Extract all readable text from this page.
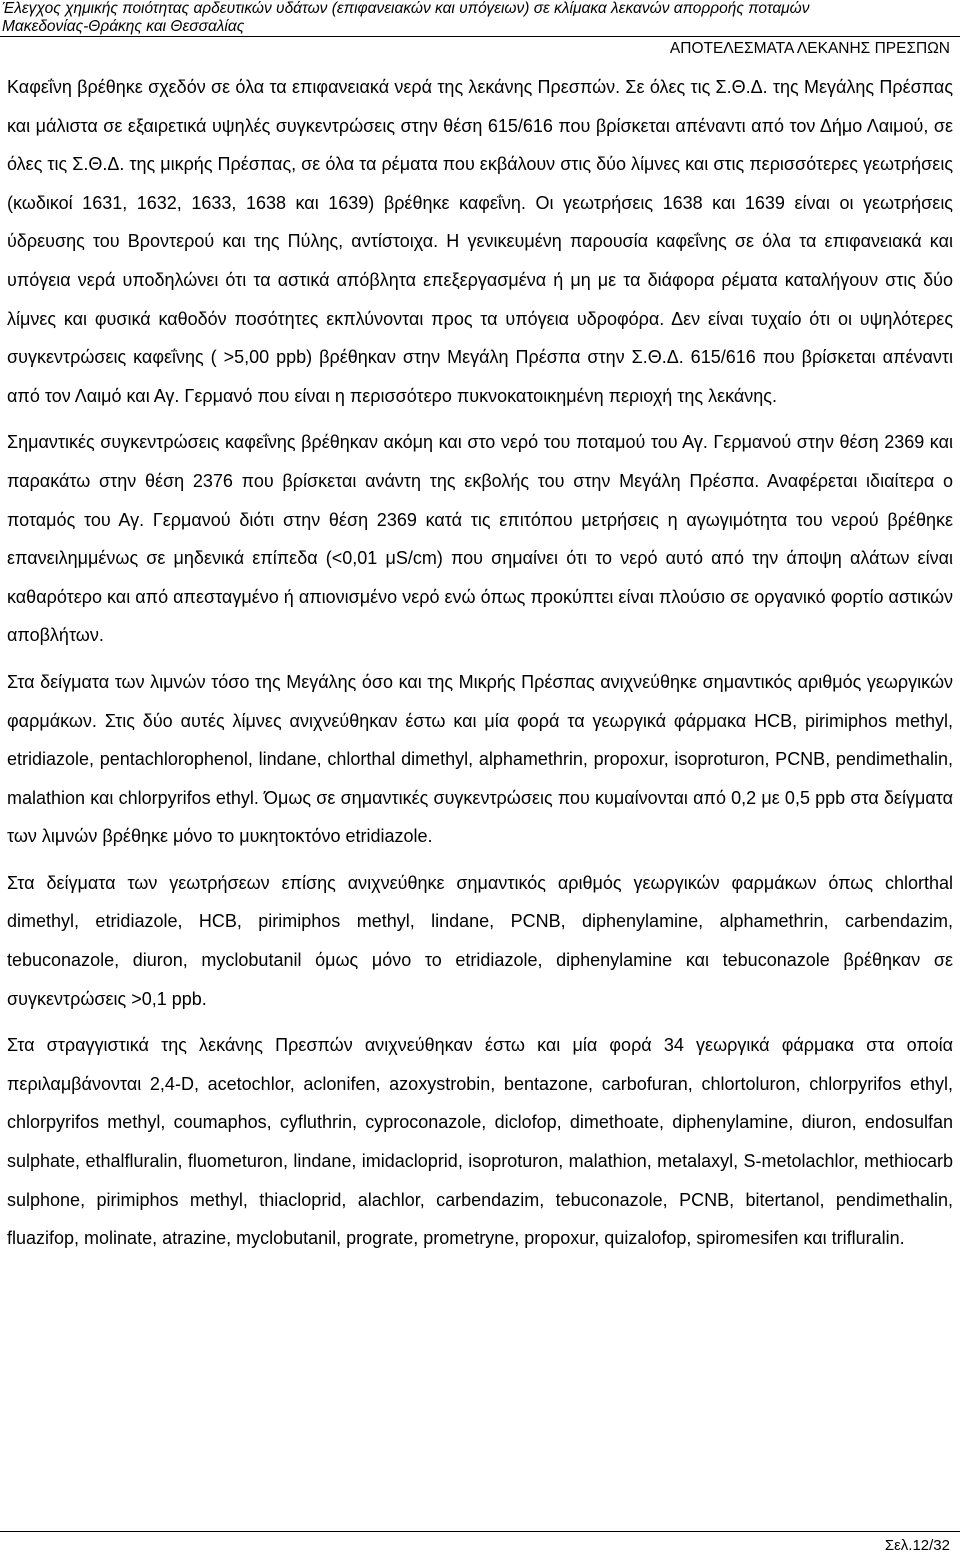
Έλεγχος χημικής ποιότητας αρδευτικών υδάτων (επιφανειακών και υπόγειων) σε κλίμακα λεκανών απορροής ποταμών

Μακεδονίας-Θράκης και Θεσσαλίας

ΑΠΟΤΕΛΕΣΜΑΤΑ ΛΕΚΑΝΗΣ ΠΡΕΣΠΩΝ

Καφεΐνη βρέθηκε σχεδόν σε όλα τα επιφανειακά νερά της λεκάνης Πρεσπών. Σε όλες τις Σ.Θ.Δ. της Μεγάλης Πρέσπας και μάλιστα σε εξαιρετικά υψηλές συγκεντρώσεις στην θέση 615/616 που βρίσκεται απέναντι από τον Δήμο Λαιμού, σε όλες τις Σ.Θ.Δ. της μικρής Πρέσπας, σε όλα τα ρέματα που εκβάλουν στις δύο λίμνες και στις περισσότερες γεωτρήσεις (κωδικοί 1631, 1632, 1633, 1638 και 1639) βρέθηκε καφεΐνη. Οι γεωτρήσεις 1638 και 1639 είναι οι γεωτρήσεις ύδρευσης του Βροντερού και της Πύλης, αντίστοιχα. Η γενικευμένη παρουσία καφεΐνης σε όλα τα επιφανειακά και υπόγεια νερά υποδηλώνει ότι τα αστικά απόβλητα επεξεργασμένα ή μη με τα διάφορα ρέματα καταλήγουν στις δύο λίμνες και φυσικά καθοδόν ποσότητες εκπλύνονται προς τα υπόγεια υδροφόρα. Δεν είναι τυχαίο ότι οι υψηλότερες συγκεντρώσεις καφεΐνης ( >5,00 ppb) βρέθηκαν στην Μεγάλη Πρέσπα στην Σ.Θ.Δ. 615/616 που βρίσκεται απέναντι από τον Λαιμό και Αγ. Γερμανό που είναι η περισσότερο πυκνοκατοικημένη περιοχή της λεκάνης.

Σημαντικές συγκεντρώσεις καφεΐνης βρέθηκαν ακόμη και στο νερό του ποταμού του Αγ. Γερμανού στην θέση 2369 και παρακάτω στην θέση 2376 που βρίσκεται ανάντη της εκβολής του στην Μεγάλη Πρέσπα. Αναφέρεται ιδιαίτερα ο ποταμός του Αγ. Γερμανού διότι στην θέση 2369 κατά τις επιτόπου μετρήσεις η αγωγιμότητα του νερού βρέθηκε επανειλημμένως σε μηδενικά επίπεδα (<0,01 μS/cm) που σημαίνει ότι το νερό αυτό από την άποψη αλάτων είναι καθαρότερο και από απεσταγμένο ή απιονισμένο νερό ενώ όπως προκύπτει είναι πλούσιο σε οργανικό φορτίο αστικών αποβλήτων.

Στα δείγματα των λιμνών τόσο της Μεγάλης όσο και της Μικρής Πρέσπας ανιχνεύθηκε σημαντικός αριθμός γεωργικών φαρμάκων. Στις δύο αυτές λίμνες ανιχνεύθηκαν έστω και μία φορά τα γεωργικά φάρμακα HCB, pirimiphos methyl, etridiazole, pentachlorophenol, lindane, chlorthal dimethyl, alphamethrin, propoxur, isoproturon, PCNB, pendimethalin, malathion και chlorpyrifos ethyl. Όμως σε σημαντικές συγκεντρώσεις που κυμαίνονται από 0,2 με 0,5 ppb στα δείγματα των λιμνών βρέθηκε μόνο το μυκητοκτόνο etridiazole.

Στα δείγματα των γεωτρήσεων επίσης ανιχνεύθηκε σημαντικός αριθμός γεωργικών φαρμάκων όπως chlorthal dimethyl, etridiazole, HCB, pirimiphos methyl, lindane, PCNB, diphenylamine, alphamethrin, carbendazim, tebuconazole, diuron, myclobutanil όμως μόνο το etridiazole, diphenylamine και tebuconazole βρέθηκαν σε συγκεντρώσεις >0,1 ppb.

Στα στραγγιστικά της λεκάνης Πρεσπών ανιχνεύθηκαν έστω και μία φορά 34 γεωργικά φάρμακα στα οποία περιλαμβάνονται 2,4-D, acetochlor, aclonifen, azoxystrobin, bentazone, carbofuran, chlortoluron, chlorpyrifos ethyl, chlorpyrifos methyl, coumaphos, cyfluthrin, cyproconazole, diclofop, dimethoate, diphenylamine, diuron, endosulfan sulphate, ethalfluralin, fluometuron, lindane, imidacloprid, isoproturon, malathion, metalaxyl, S-metolachlor, methiocarb sulphone, pirimiphos methyl, thiacloprid, alachlor, carbendazim, tebuconazole, PCNB, bitertanol, pendimethalin, fluazifop, molinate, atrazine, myclobutanil, prograte, prometryne, propoxur, quizalofop, spiromesifen και trifluralin.

Σελ.12/32
